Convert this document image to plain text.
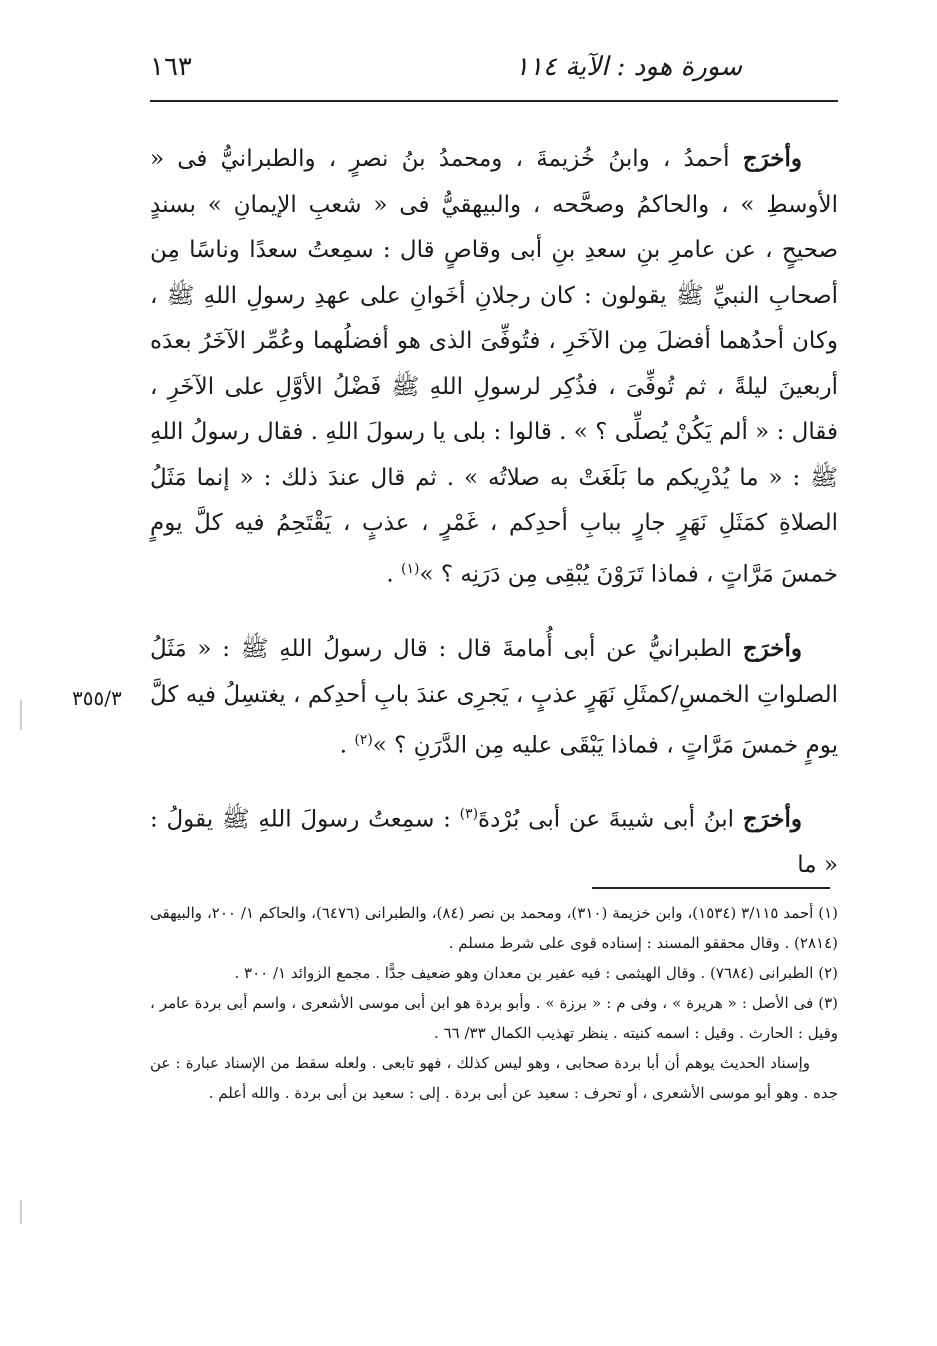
سورة هود : الآية ١١٤
١٦٣

وأخرَج أحمدُ ، وابنُ خُزيمةَ ، ومحمدُ بنُ نصرٍ ، والطبرانيُّ فى « الأوسطِ » ، والحاكمُ وصحَّحه ، والبيهقيُّ فى « شعبِ الإيمانِ » بسندٍ صحيحٍ ، عن عامرِ بنِ سعدِ بنِ أبى وقاصٍ قال : سمِعتُ سعدًا وناسًا مِن أصحابِ النبيِّ ﷺ يقولون : كان رجلانِ أخَوانِ على عهدِ رسولِ اللهِ ﷺ ، وكان أحدُهما أفضلَ مِن الآخَرِ ، فتُوفِّىَ الذى هو أفضلُهما وعُمِّر الآخَرُ بعدَه أربعينَ ليلةً ، ثم تُوفِّىَ ، فذُكِر لرسولِ اللهِ ﷺ فَضْلُ الأوَّلِ على الآخَرِ ، فقال : « ألم يَكُنْ يُصلِّى ؟ » . قالوا : بلى يا رسولَ اللهِ . فقال رسولُ اللهِ ﷺ : « ما يُدْرِيكم ما بَلَغَتْ به صلاتُه » . ثم قال عندَ ذلك : « إنما مَثَلُ الصلاةِ كمَثَلِ نَهَرٍ جارٍ ببابِ أحدِكم ، غَمْرٍ ، عذبٍ ، يَقْتَحِمُ فيه كلَّ يومٍ خمسَ مَرَّاتٍ ، فماذا تَرَوْنَ يُبْقِى مِن دَرَنِه ؟ »$^{(١)}$ .

وأخرَج الطبرانيُّ عن أبى أُمامةَ قال : قال رسولُ اللهِ ﷺ : « مَثَلُ الصلواتِ الخمسِ/كمثَلِ نَهَرٍ عذبٍ ، يَجرِى عندَ بابِ أحدِكم ، يغتسِلُ فيه كلَّ يومٍ خمسَ مَرَّاتٍ ، فماذا يَبْقَى عليه مِن الدَّرَنِ ؟ »$^{(٢)}$ .

٣٥٥/٣

وأخرَج ابنُ أبى شيبةَ عن أبى بُرْدةَ$^{(٣)}$ : سمِعتُ رسولَ اللهِ ﷺ يقولُ : « ما

(١) أحمد ٣/١١٥ (١٥٣٤)، وابن خزيمة (٣١٠)، ومحمد بن نصر (٨٤)، والطبرانى (٦٤٧٦)، والحاكم ١/ ٢٠٠، والبيهقى (٢٨١٤) . وقال محققو المسند : إسناده قوى على شرط مسلم .

(٢) الطبرانى (٧٦٨٤) . وقال الهيثمى : فيه عفير بن معدان وهو ضعيف جدًّا . مجمع الزوائد ١/ ٣٠٠ .

(٣) فى الأصل : « هريرة » ، وفى م : « برزة » . وأبو بردة هو ابن أبى موسى الأشعرى ، واسم أبى بردة عامر ، وقيل : الحارث . وقيل : اسمه كنيته . ينظر تهذيب الكمال ٣٣/ ٦٦ .

وإسناد الحديث يوهم أن أبا بردة صحابى ، وهو ليس كذلك ، فهو تابعى . ولعله سقط من الإسناد عبارة : عن جده . وهو أبو موسى الأشعرى ، أو تحرف : سعيد عن أبى بردة . إلى : سعيد بن أبى بردة . والله أعلم .
